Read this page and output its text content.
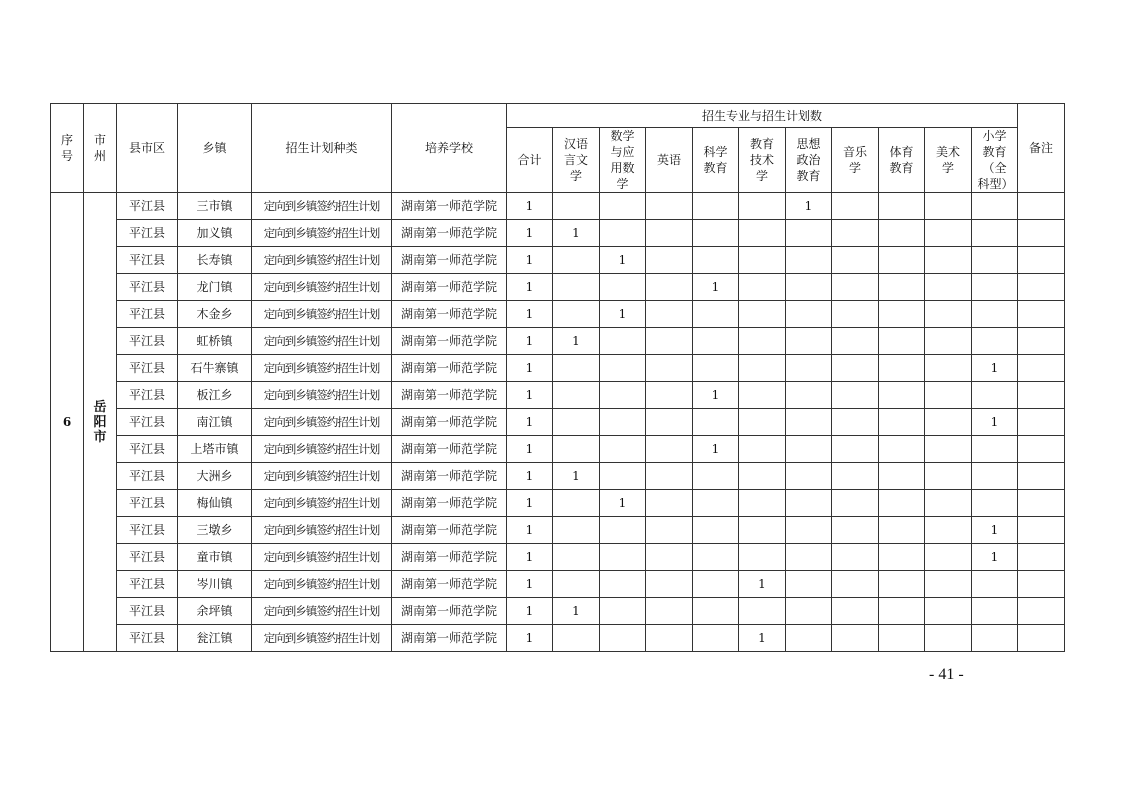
序号	市州	县市区	乡镇	招生计划种类	培养学校	招生专业与招生计划数											备注
						合计	汉语言文学	数学与应用数学	英语	科学教育	教育技术学	思想政治教育	音乐学	体育教育	美术学	小学教育（全科型）	
6	岳阳市	平江县	三市镇	定向到乡镇签约招生计划	湖南第一师范学院	1						1					
		平江县	加义镇	定向到乡镇签约招生计划	湖南第一师范学院	1	1										
		平江县	长寿镇	定向到乡镇签约招生计划	湖南第一师范学院	1		1									
		平江县	龙门镇	定向到乡镇签约招生计划	湖南第一师范学院	1				1							
		平江县	木金乡	定向到乡镇签约招生计划	湖南第一师范学院	1		1									
		平江县	虹桥镇	定向到乡镇签约招生计划	湖南第一师范学院	1	1										
		平江县	石牛寨镇	定向到乡镇签约招生计划	湖南第一师范学院	1										1	
		平江县	板江乡	定向到乡镇签约招生计划	湖南第一师范学院	1				1							
		平江县	南江镇	定向到乡镇签约招生计划	湖南第一师范学院	1										1	
		平江县	上塔市镇	定向到乡镇签约招生计划	湖南第一师范学院	1				1							
		平江县	大洲乡	定向到乡镇签约招生计划	湖南第一师范学院	1	1										
		平江县	梅仙镇	定向到乡镇签约招生计划	湖南第一师范学院	1		1									
		平江县	三墩乡	定向到乡镇签约招生计划	湖南第一师范学院	1										1	
		平江县	童市镇	定向到乡镇签约招生计划	湖南第一师范学院	1										1	
		平江县	岑川镇	定向到乡镇签约招生计划	湖南第一师范学院	1					1						
		平江县	余坪镇	定向到乡镇签约招生计划	湖南第一师范学院	1	1										
		平江县	瓮江镇	定向到乡镇签约招生计划	湖南第一师范学院	1					1						
- 41 -
